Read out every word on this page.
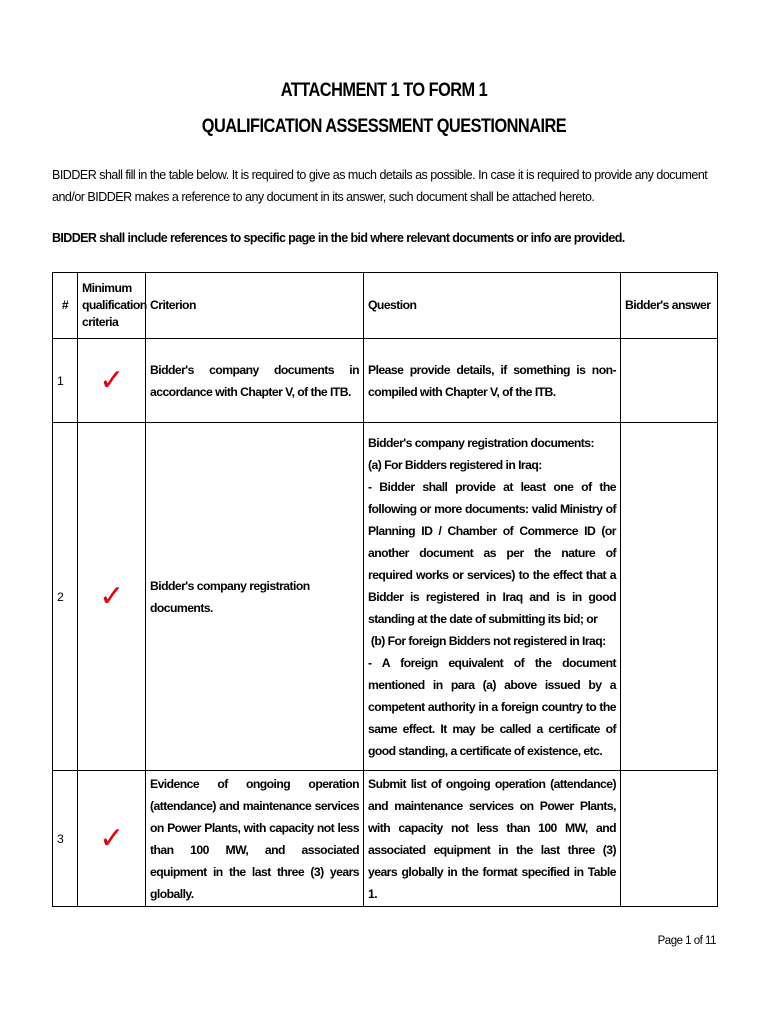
ATTACHMENT 1 TO FORM 1
QUALIFICATION ASSESSMENT QUESTIONNAIRE
BIDDER shall fill in the table below. It is required to give as much details as possible. In case it is required to provide any document and/or BIDDER makes a reference to any document in its answer, such document shall be attached hereto.
BIDDER shall include references to specific page in the bid where relevant documents or info are provided.
#	Minimum qualification criteria	Criterion	Question	Bidder's answer
1	✓	Bidder's company documents in accordance with Chapter V, of the ITB.	Please provide details, if something is non-compiled with Chapter V, of the ITB.	
2	✓	Bidder's company registration documents.	Bidder's company registration documents:
(a) For Bidders registered in Iraq:
- Bidder shall provide at least one of the following or more documents: valid Ministry of Planning ID / Chamber of Commerce ID (or another document as per the nature of required works or services) to the effect that a Bidder is registered in Iraq and is in good standing at the date of submitting its bid; or
(b) For foreign Bidders not registered in Iraq:
- A foreign equivalent of the document mentioned in para (a) above issued by a competent authority in a foreign country to the same effect. It may be called a certificate of good standing, a certificate of existence, etc.	

3	✓	Evidence of ongoing operation (attendance) and maintenance services on Power Plants, with capacity not less than 100 MW, and associated equipment in the last three (3) years globally.	Submit list of ongoing operation (attendance) and maintenance services on Power Plants, with capacity not less than 100 MW, and associated equipment in the last three (3) years globally in the format specified in Table 1.	
Page 1 of 11
